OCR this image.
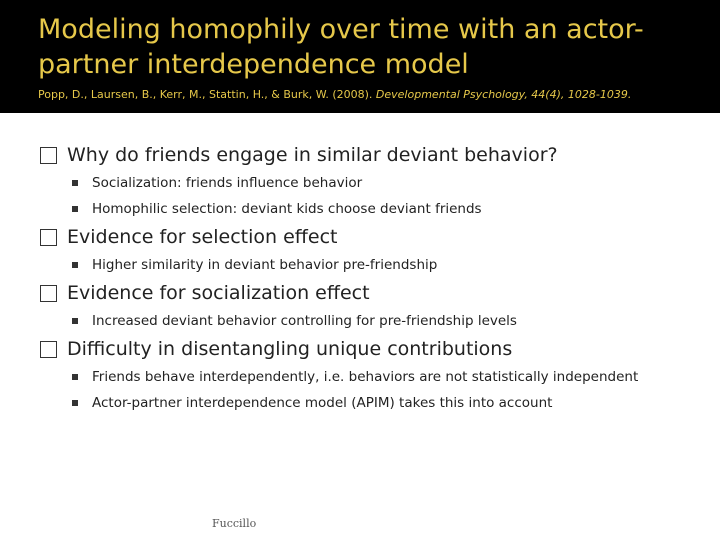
Modeling homophily over time with an actor-partner interdependence model
Popp, D., Laursen, B., Kerr, M., Stattin, H., & Burk, W. (2008). Developmental Psychology, 44(4), 1028-1039.
Why do friends engage in similar deviant behavior?
Socialization: friends influence behavior
Homophilic selection: deviant kids choose deviant friends
Evidence for selection effect
Higher similarity in deviant behavior pre-friendship
Evidence for socialization effect
Increased deviant behavior controlling for pre-friendship levels
Difficulty in disentangling unique contributions
Friends behave interdependently, i.e. behaviors are not statistically independent
Actor-partner interdependence model (APIM) takes this into account
Fuccillo
